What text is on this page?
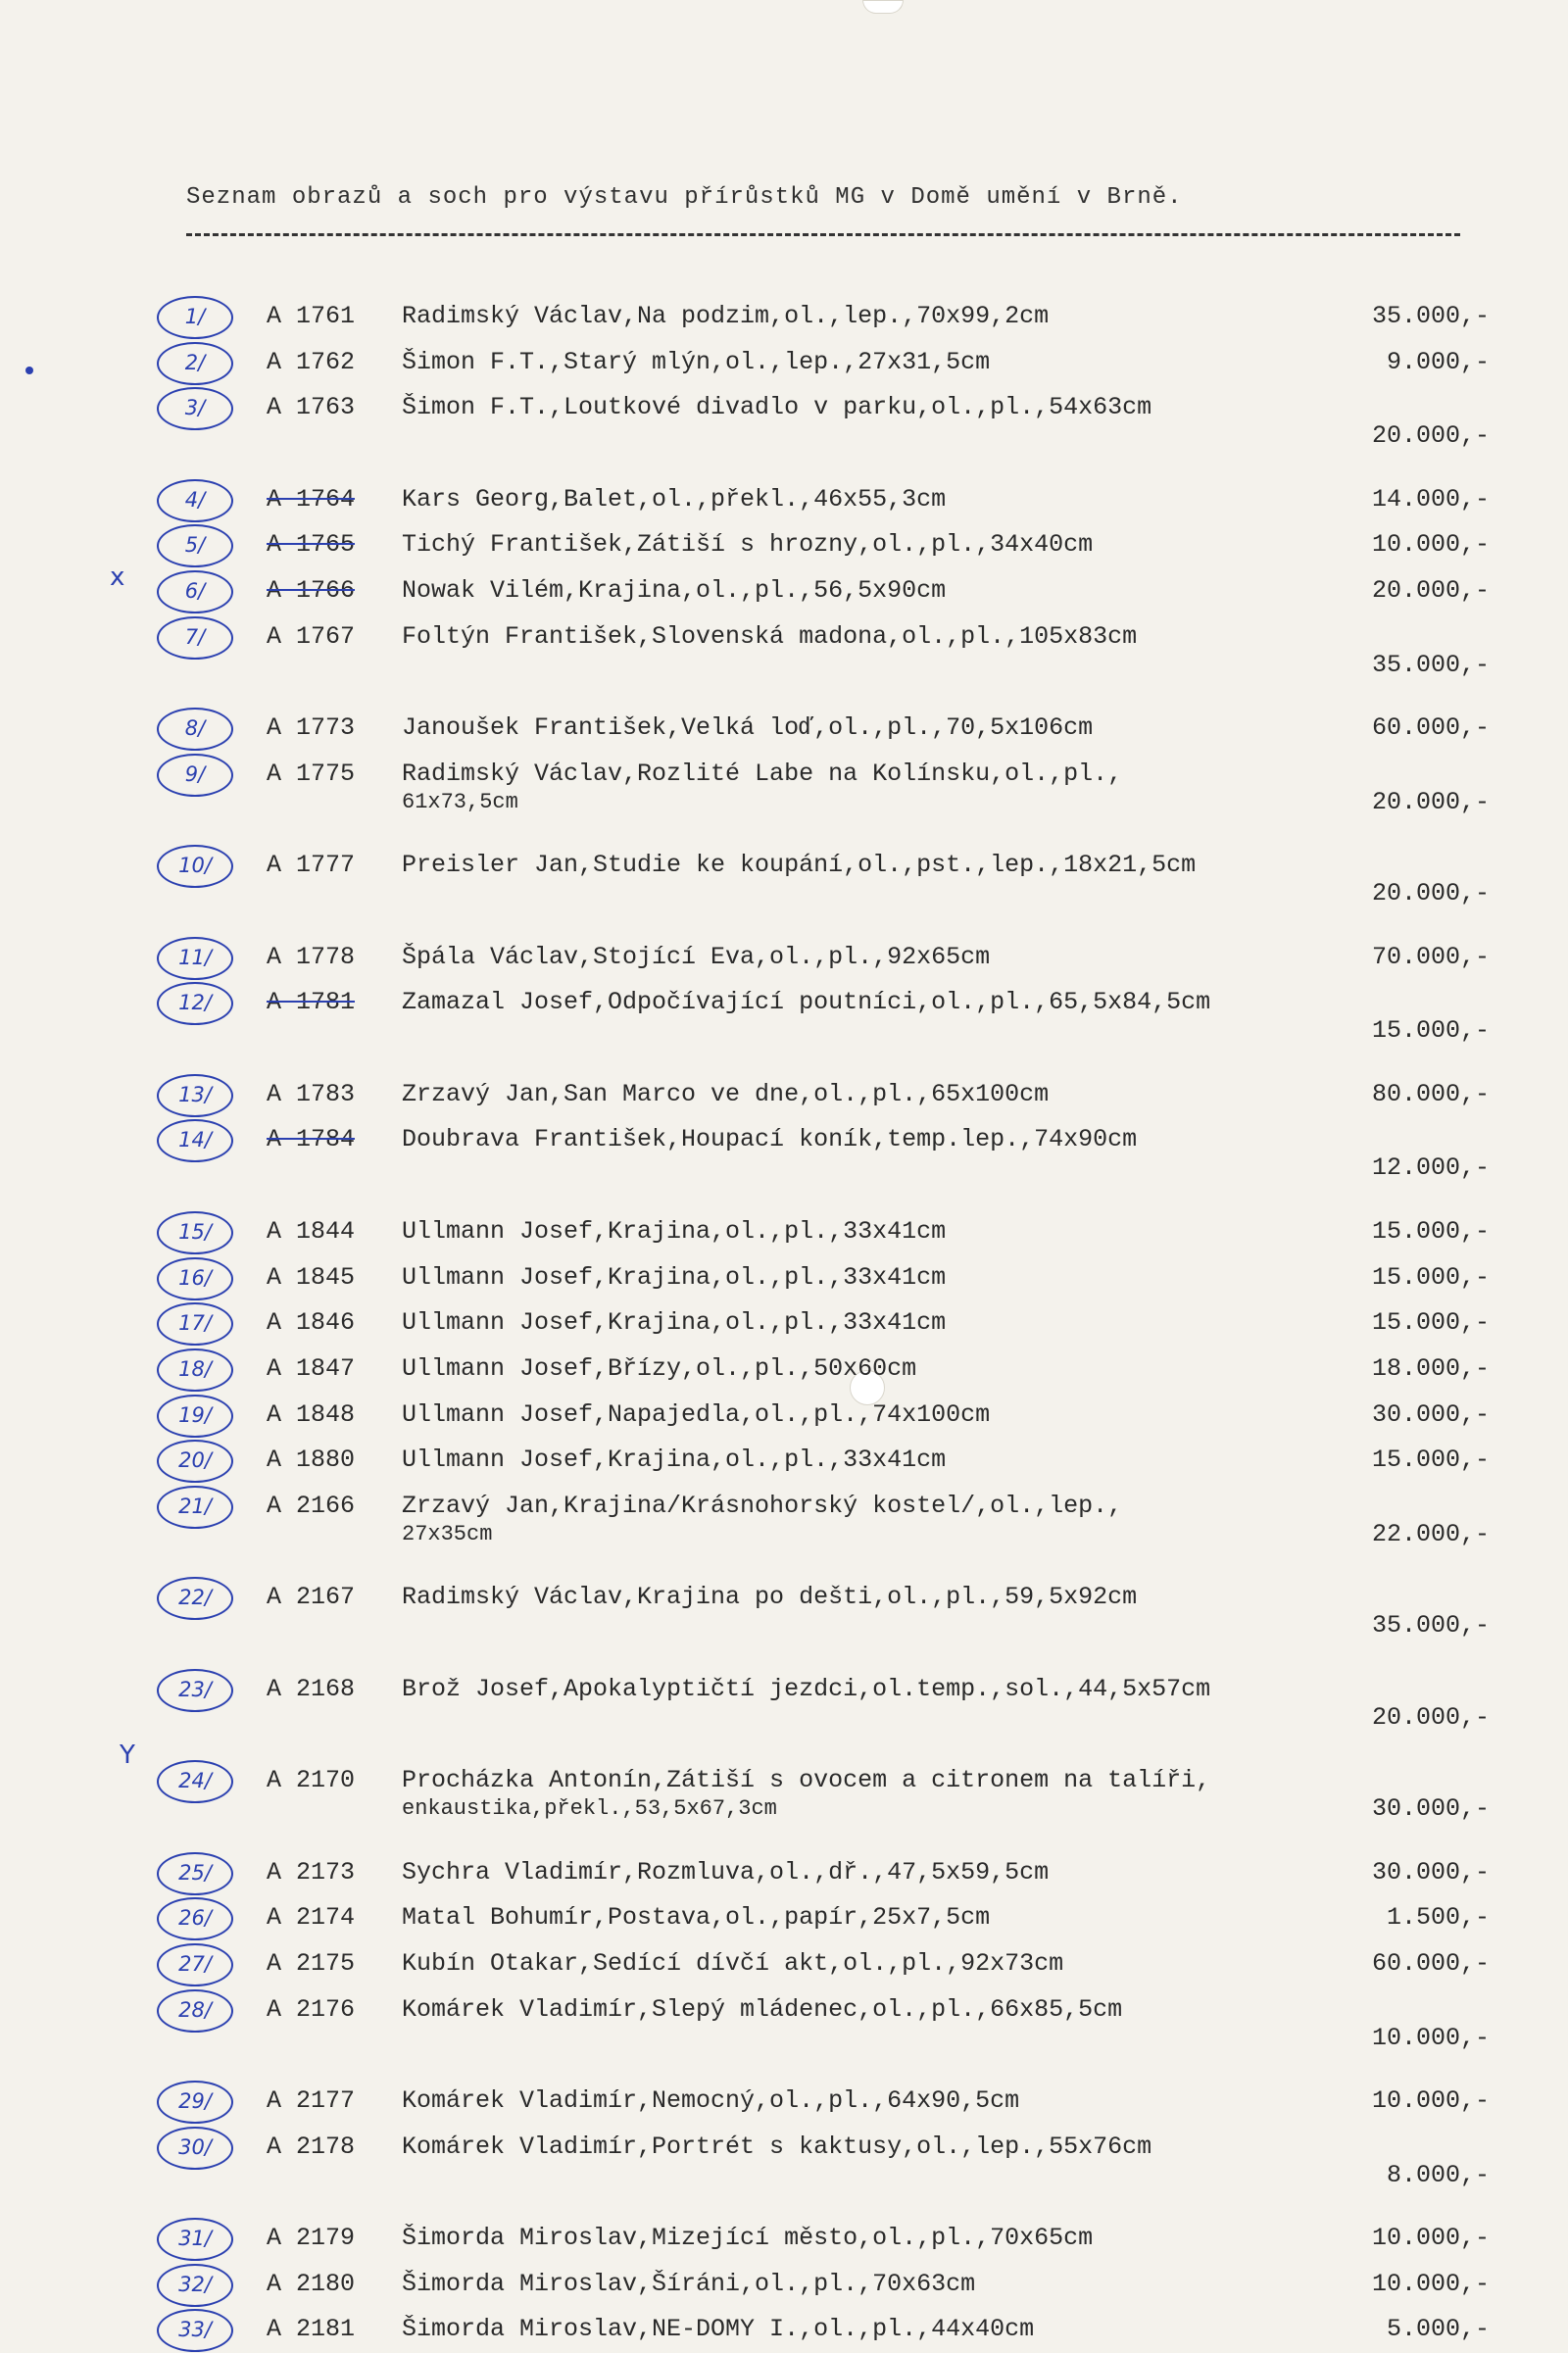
x
Y
Seznam obrazů a soch pro výstavu přírůstků MG v Domě umění v Brně.
1/	A 1761	Radimský Václav,Na podzim,ol.,lep.,70x99,2cm	35.000,-
2/	A 1762	Šimon F.T.,Starý mlýn,ol.,lep.,27x31,5cm	9.000,-
3/	A 1763	Šimon F.T.,Loutkové divadlo v parku,ol.,pl.,54x63cm
20.000,-
4/	A 1764	Kars Georg,Balet,ol.,překl.,46x55,3cm	14.000,-
5/	A 1765	Tichý František,Zátiší s hrozny,ol.,pl.,34x40cm	10.000,-
6/	A 1766	Nowak Vilém,Krajina,ol.,pl.,56,5x90cm	20.000,-
7/	A 1767	Foltýn František,Slovenská madona,ol.,pl.,105x83cm
35.000,-
8/	A 1773	Janoušek František,Velká loď,ol.,pl.,70,5x106cm	60.000,-
9/	A 1775	Radimský Václav,Rozlité Labe na Kolínsku,ol.,pl.,
61x73,5cm	20.000,-
10/	A 1777	Preisler Jan,Studie ke koupání,ol.,pst.,lep.,18x21,5cm
20.000,-
11/	A 1778	Špála Václav,Stojící Eva,ol.,pl.,92x65cm	70.000,-
12/	A 1781	Zamazal Josef,Odpočívající poutníci,ol.,pl.,65,5x84,5cm
15.000,-
13/	A 1783	Zrzavý Jan,San Marco ve dne,ol.,pl.,65x100cm	80.000,-
14/	A 1784	Doubrava František,Houpací koník,temp.lep.,74x90cm
12.000,-
15/	A 1844	Ullmann Josef,Krajina,ol.,pl.,33x41cm	15.000,-
16/	A 1845	Ullmann Josef,Krajina,ol.,pl.,33x41cm	15.000,-
17/	A 1846	Ullmann Josef,Krajina,ol.,pl.,33x41cm	15.000,-
18/	A 1847	Ullmann Josef,Břízy,ol.,pl.,50x60cm	18.000,-
19/	A 1848	Ullmann Josef,Napajedla,ol.,pl.,74x100cm	30.000,-
20/	A 1880	Ullmann Josef,Krajina,ol.,pl.,33x41cm	15.000,-
21/	A 2166	Zrzavý Jan,Krajina/Krásnohorský kostel/,ol.,lep.,
27x35cm	22.000,-
22/	A 2167	Radimský Václav,Krajina po dešti,ol.,pl.,59,5x92cm
35.000,-
23/	A 2168	Brož Josef,Apokalyptičtí jezdci,ol.temp.,sol.,44,5x57cm
20.000,-
24/	A 2170	Procházka Antonín,Zátiší s ovocem a citronem na talíři,
enkaustika,překl.,53,5x67,3cm	30.000,-
25/	A 2173	Sychra Vladimír,Rozmluva,ol.,dř.,47,5x59,5cm	30.000,-
26/	A 2174	Matal Bohumír,Postava,ol.,papír,25x7,5cm	1.500,-
27/	A 2175	Kubín Otakar,Sedící dívčí akt,ol.,pl.,92x73cm	60.000,-
28/	A 2176	Komárek Vladimír,Slepý mládenec,ol.,pl.,66x85,5cm
10.000,-
29/	A 2177	Komárek Vladimír,Nemocný,ol.,pl.,64x90,5cm	10.000,-
30/	A 2178	Komárek Vladimír,Portrét s kaktusy,ol.,lep.,55x76cm
8.000,-
31/	A 2179	Šimorda Miroslav,Mizející město,ol.,pl.,70x65cm	10.000,-
32/	A 2180	Šimorda Miroslav,Šíráni,ol.,pl.,70x63cm	10.000,-
33/	A 2181	Šimorda Miroslav,NE-DOMY I.,ol.,pl.,44x40cm	5.000,-
